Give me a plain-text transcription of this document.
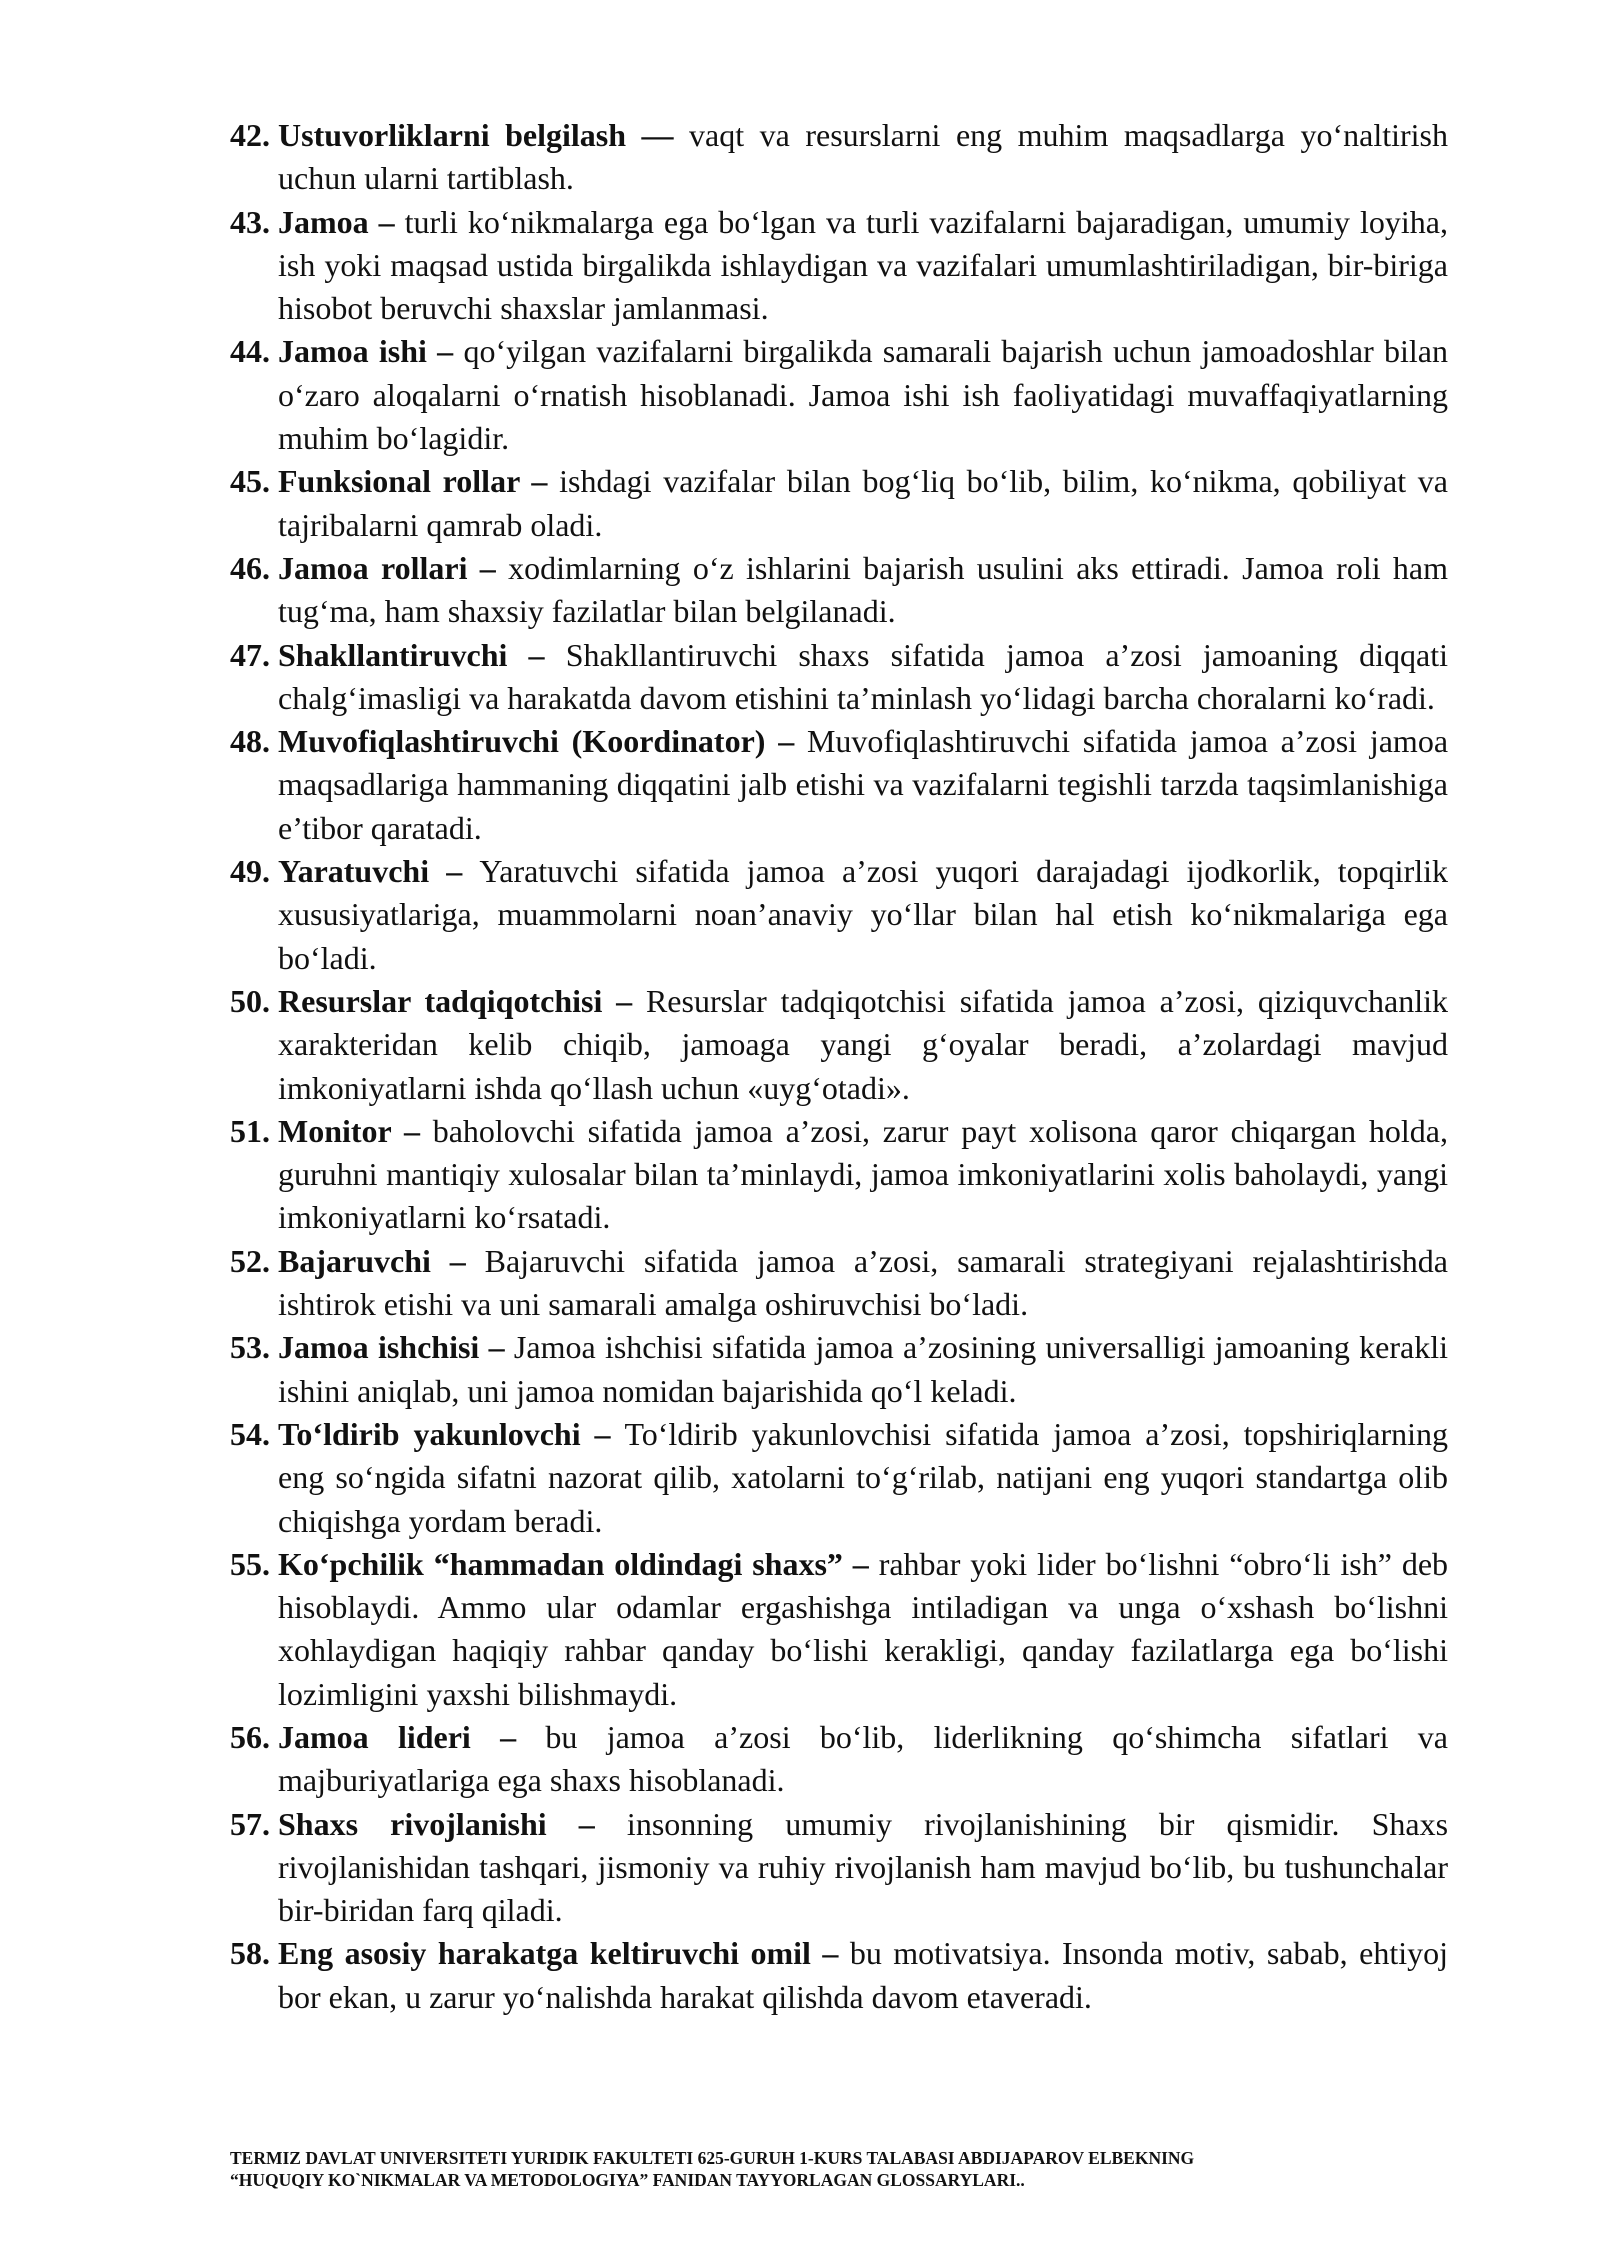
42. Ustuvorliklarni belgilash — vaqt va resurslarni eng muhim maqsadlarga yo‘naltirish uchun ularni tartiblash.
43. Jamoa – turli ko‘nikmalarga ega bo‘lgan va turli vazifalarni bajaradigan, umumiy loyiha, ish yoki maqsad ustida birgalikda ishlaydigan va vazifalari umumlashtiriladigan, bir-biriga hisobot beruvchi shaxslar jamlanmasi.
44. Jamoa ishi – qo‘yilgan vazifalarni birgalikda samarali bajarish uchun jamoadoshlar bilan o‘zaro aloqalarni o‘rnatish hisoblanadi. Jamoa ishi ish faoliyatidagi muvaffaqiyatlarning muhim bo‘lagidir.
45. Funksional rollar – ishdagi vazifalar bilan bog‘liq bo‘lib, bilim, ko‘nikma, qobiliyat va tajribalarni qamrab oladi.
46. Jamoa rollari – xodimlarning o‘z ishlarini bajarish usulini aks ettiradi. Jamoa roli ham tug‘ma, ham shaxsiy fazilatlar bilan belgilanadi.
47. Shakllantiruvchi – Shakllantiruvchi shaxs sifatida jamoa a’zosi jamoaning diqqati chalg‘imasligi va harakatda davom etishini ta’minlash yo‘lidagi barcha choralarni ko‘radi.
48. Muvofiqlashtiruvchi (Koordinator) – Muvofiqlashtiruvchi sifatida jamoa a’zosi jamoa maqsadlariga hammaning diqqatini jalb etishi va vazifalarni tegishli tarzda taqsimlanishiga e’tibor qaratadi.
49. Yaratuvchi – Yaratuvchi sifatida jamoa a’zosi yuqori darajadagi ijodkorlik, topqirlik xususiyatlariga, muammolarni noan’anaviy yo‘llar bilan hal etish ko‘nikmalariga ega bo‘ladi.
50. Resurslar tadqiqotchisi – Resurslar tadqiqotchisi sifatida jamoa a’zosi, qiziquvchanlik xarakteridan kelib chiqib, jamoaga yangi g‘oyalar beradi, a’zolardagi mavjud imkoniyatlarni ishda qo‘llash uchun «uyg‘otadi».
51. Monitor – baholovchi sifatida jamoa a’zosi, zarur payt xolisona qaror chiqargan holda, guruhni mantiqiy xulosalar bilan ta’minlaydi, jamoa imkoniyatlarini xolis baholaydi, yangi imkoniyatlarni ko‘rsatadi.
52. Bajaruvchi – Bajaruvchi sifatida jamoa a’zosi, samarali strategiyani rejalashtirishda ishtirok etishi va uni samarali amalga oshiruvchisi bo‘ladi.
53. Jamoa ishchisi – Jamoa ishchisi sifatida jamoa a’zosining universalligi jamoaning kerakli ishini aniqlab, uni jamoa nomidan bajarishida qo‘l keladi.
54. To‘ldirib yakunlovchi – To‘ldirib yakunlovchisi sifatida jamoa a’zosi, topshiriqlarning eng so‘ngida sifatni nazorat qilib, xatolarni to‘g‘rilab, natijani eng yuqori standartga olib chiqishga yordam beradi.
55. Ko‘pchilik “hammadan oldindagi shaxs” – rahbar yoki lider bo‘lishni “obro‘li ish” deb hisoblaydi. Ammo ular odamlar ergashishga intiladigan va unga o‘xshash bo‘lishni xohlaydigan haqiqiy rahbar qanday bo‘lishi kerakligi, qanday fazilatlarga ega bo‘lishi lozimligini yaxshi bilishmaydi.
56. Jamoa lideri – bu jamoa a’zosi bo‘lib, liderlikning qo‘shimcha sifatlari va majburiyatlariga ega shaxs hisoblanadi.
57. Shaxs rivojlanishi – insonning umumiy rivojlanishining bir qismidir. Shaxs rivojlanishidan tashqari, jismoniy va ruhiy rivojlanish ham mavjud bo‘lib, bu tushunchalar bir-biridan farq qiladi.
58. Eng asosiy harakatga keltiruvchi omil – bu motivatsiya. Insonda motiv, sabab, ehtiyoj bor ekan, u zarur yo‘nalishda harakat qilishda davom etaveradi.
TERMIZ DAVLAT UNIVERSITETI YURIDIK FAKULTETI 625-GURUH 1-KURS TALABASI ABDIJAPAROV ELBEKNING
“HUQUQIY KO`NIKMALAR VA METODOLOGIYA” FANIDAN TAYYORLAGAN GLOSSARYLARI..
